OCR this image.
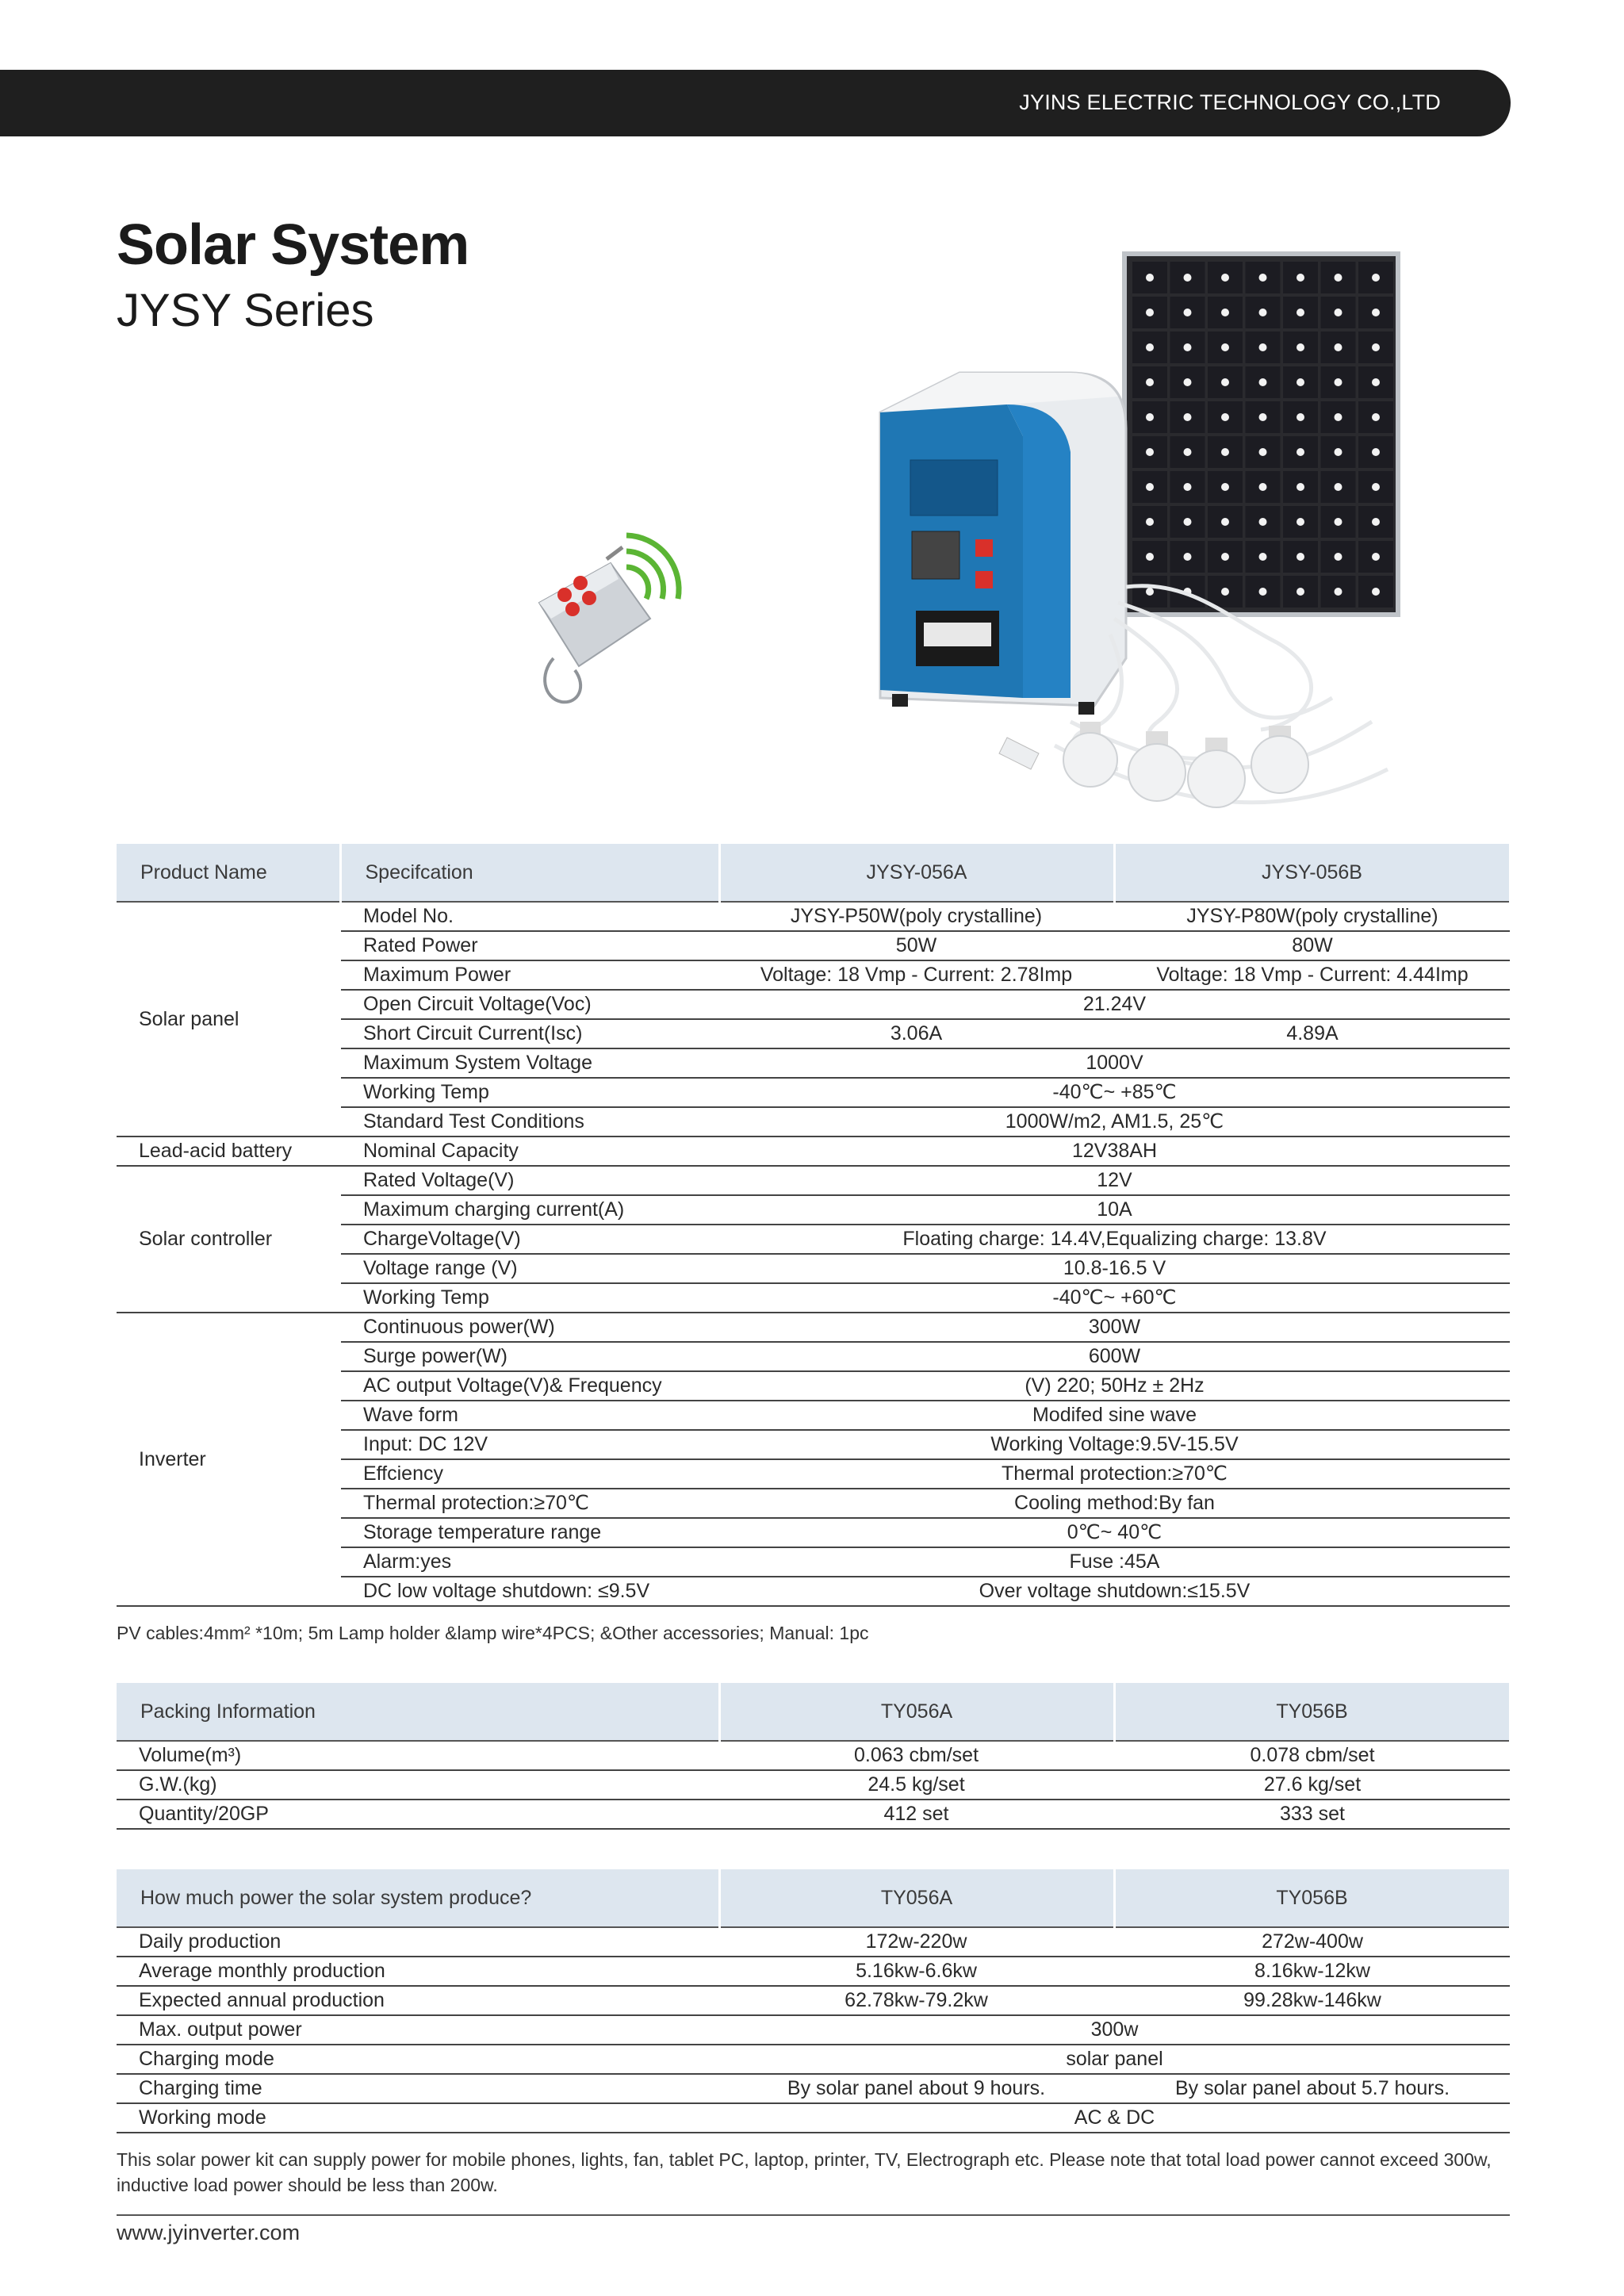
JYINS ELECTRIC TECHNOLOGY CO.,LTD
Solar System
JYSY Series
Product Name	Specifcation	JYSY-056A	JYSY-056B
Solar panel	Model No.	JYSY-P50W(poly crystalline)	JYSY-P80W(poly crystalline)
	Rated Power	50W	80W
	Maximum Power	Voltage: 18 Vmp - Current: 2.78Imp	Voltage: 18 Vmp - Current: 4.44Imp
	Open Circuit Voltage(Voc)	21.24V	
	Short Circuit Current(Isc)	3.06A	4.89A
	Maximum System Voltage	1000V	
	Working Temp	-40℃~ +85℃	
	Standard Test Conditions	1000W/m2, AM1.5, 25℃	
Lead-acid battery	Nominal Capacity	12V38AH	
Solar controller	Rated Voltage(V)	12V	
	Maximum charging current(A)	10A	
	ChargeVoltage(V)	Floating charge: 14.4V,Equalizing charge: 13.8V	
	Voltage range (V)	10.8-16.5 V	
	Working Temp	-40℃~ +60℃	
Inverter	Continuous power(W)	300W	
	Surge power(W)	600W	
	AC output Voltage(V)& Frequency	(V) 220; 50Hz ± 2Hz	
	Wave form	Modifed sine wave	
	Input: DC 12V	Working Voltage:9.5V-15.5V	
	Effciency	Thermal protection:≥70℃	
	Thermal protection:≥70℃	Cooling method:By fan	
	Storage temperature range	0℃~ 40℃	
	Alarm:yes	Fuse :45A	
	DC low voltage shutdown: ≤9.5V	Over voltage shutdown:≤15.5V	
PV cables:4mm² *10m; 5m Lamp holder &lamp wire*4PCS; &Other accessories; Manual: 1pc
Packing Information	TY056A	TY056B
Volume(m³)	0.063 cbm/set	0.078 cbm/set
G.W.(kg)	24.5 kg/set	27.6 kg/set
Quantity/20GP	412 set	333 set
How much power the solar system produce?	TY056A	TY056B
Daily production	172w-220w	272w-400w
Average monthly production	5.16kw-6.6kw	8.16kw-12kw
Expected annual production	62.78kw-79.2kw	99.28kw-146kw
Max. output power	300w	
Charging mode	solar panel	
Charging time	By solar panel about 9 hours.	By solar panel about 5.7 hours.
Working mode	AC & DC	
This solar power kit can supply power for mobile phones, lights, fan, tablet PC, laptop, printer, TV, Electrograph etc. Please note that total load power cannot exceed 300w, inductive load power should be less than 200w.
www.jyinverter.com
